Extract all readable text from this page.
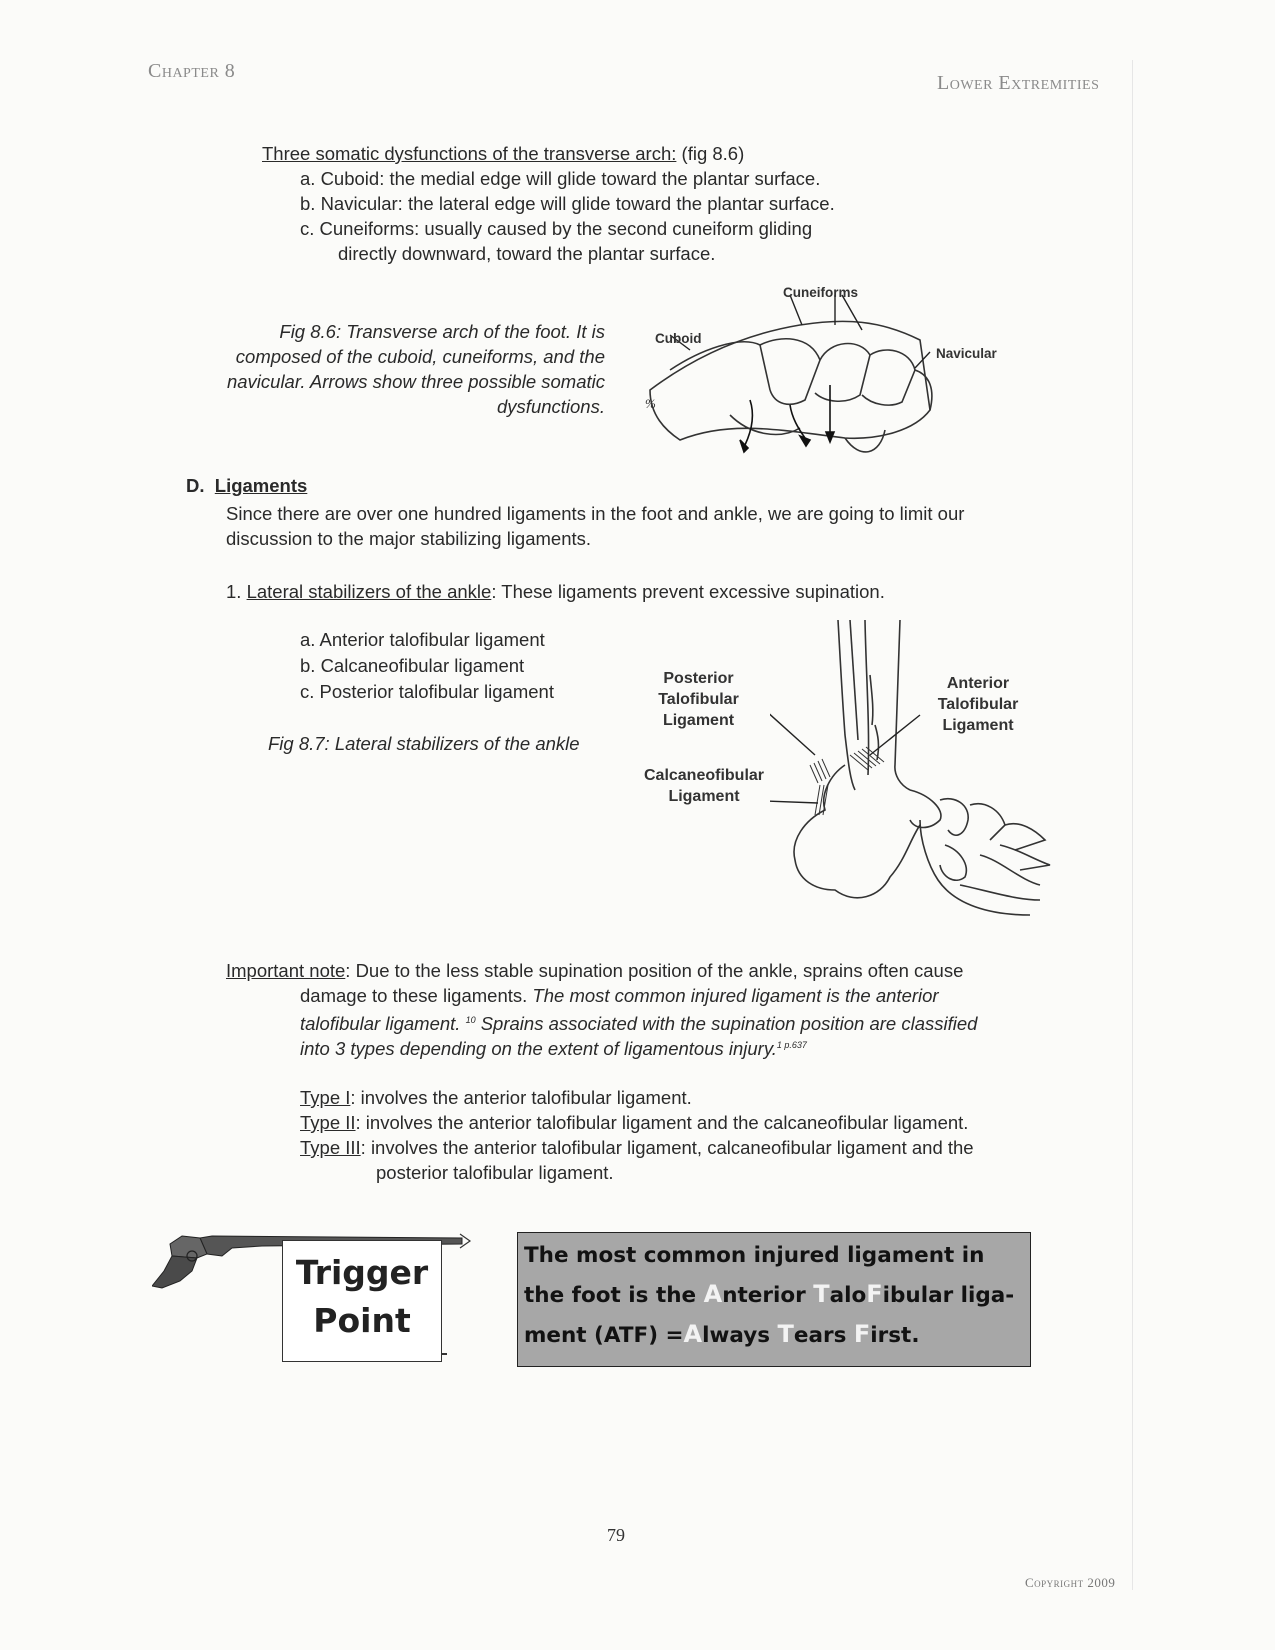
Chapter 8
Lower Extremities
Three somatic dysfunctions of the transverse arch: (fig 8.6)
a. Cuboid: the medial edge will glide toward the plantar surface.
b. Navicular: the lateral edge will glide toward the plantar surface.
c. Cuneiforms: usually caused by the second cuneiform gliding
directly downward, toward the plantar surface.
Fig 8.6: Transverse arch of the foot. It is
composed of the cuboid, cuneiforms, and the
navicular. Arrows show three possible somatic
dysfunctions.	%
Cuneiforms
Cuboid
Navicular
D. Ligaments
Since there are over one hundred ligaments in the foot and ankle, we are going to limit our
discussion to the major stabilizing ligaments.
1. Lateral stabilizers of the ankle: These ligaments prevent excessive supination.
a. Anterior talofibular ligament
b. Calcaneofibular ligament
c. Posterior talofibular ligament
Fig 8.7: Lateral stabilizers of the ankle
Posterior
Talofibular
Ligament
Anterior
Talofibular
Ligament
Calcaneofibular
Ligament
Important note: Due to the less stable supination position of the ankle, sprains often cause
damage to these ligaments. The most common injured ligament is the anterior
talofibular ligament. $^{10}$ Sprains associated with the supination position are classified
into 3 types depending on the extent of ligamentous injury.$^{1 p.637}$
Type I: involves the anterior talofibular ligament.
Type II: involves the anterior talofibular ligament and the calcaneofibular ligament.
Type III: involves the anterior talofibular ligament, calcaneofibular ligament and the
posterior talofibular ligament.
Trigger
Point
The most common injured ligament in
the foot is the Anterior TaloFibular liga-
ment (ATF) =Always Tears First.
79
Copyright 2009
